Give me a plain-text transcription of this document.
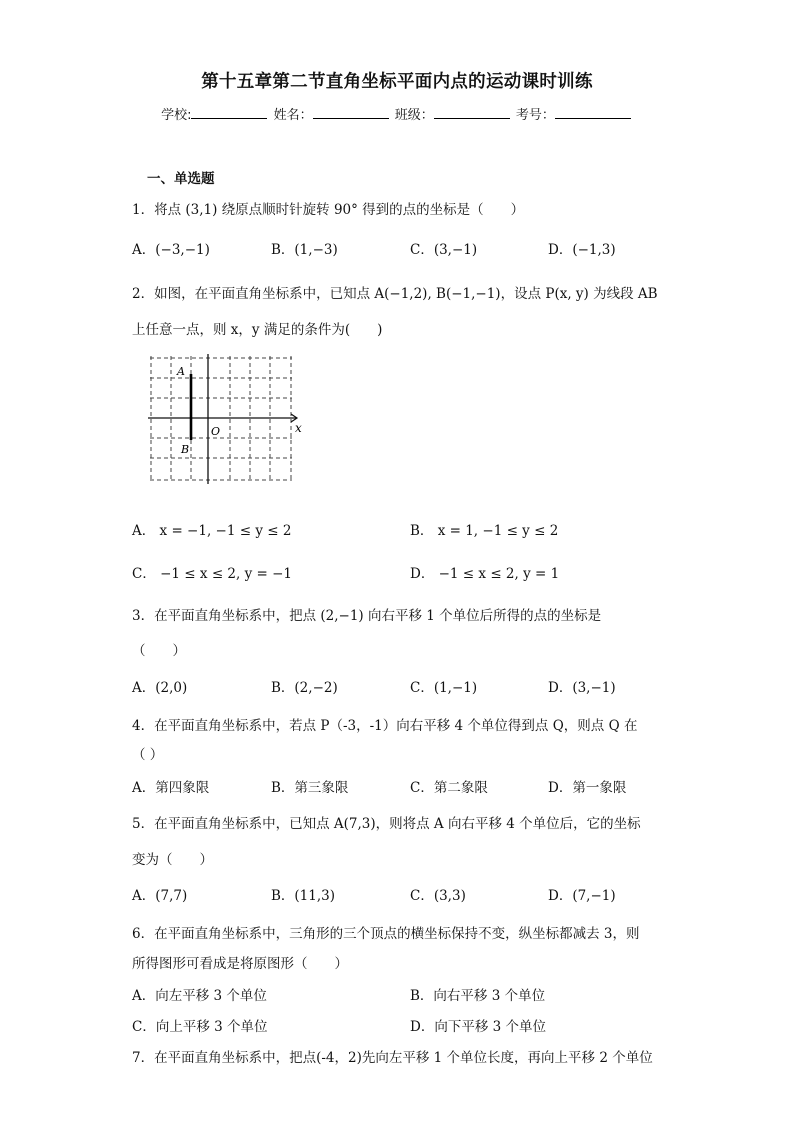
第十五章第二节直角坐标平面内点的运动课时训练
学校:	姓名：	班级：	考号：
一、单选题
1．将点 (3,1) 绕原点顺时针旋转 90° 得到的点的坐标是（　　）
A．(−3,−1)	B．(1,−3)	C．(3,−1)	D．(−1,3)
2．如图，在平面直角坐标系中，已知点 A(−1,2), B(−1,−1)，设点 P(x, y) 为线段 AB
上任意一点，则 x，y 满足的条件为(　　)
A
B
O	x
A． x = −1, −1 ≤ y ≤ 2	B． x = 1, −1 ≤ y ≤ 2
C． −1 ≤ x ≤ 2, y = −1	D． −1 ≤ x ≤ 2, y = 1
3．在平面直角坐标系中，把点 (2,−1) 向右平移 1 个单位后所得的点的坐标是
（　　）
A．(2,0)	B．(2,−2)	C．(1,−1)	D．(3,−1)
4．在平面直角坐标系中，若点 P（-3，-1）向右平移 4 个单位得到点 Q，则点 Q 在
（ ）
A．第四象限	B．第三象限	C．第二象限	D．第一象限
5．在平面直角坐标系中，已知点 A(7,3)，则将点 A 向右平移 4 个单位后，它的坐标
变为（　　）
A．(7,7)	B．(11,3)	C．(3,3)	D．(7,−1)
6．在平面直角坐标系中，三角形的三个顶点的横坐标保持不变，纵坐标都减去 3，则
所得图形可看成是将原图形（　　）
A．向左平移 3 个单位	B．向右平移 3 个单位
C．向上平移 3 个单位	D．向下平移 3 个单位
7．在平面直角坐标系中，把点(-4，2)先向左平移 1 个单位长度，再向上平移 2 个单位
